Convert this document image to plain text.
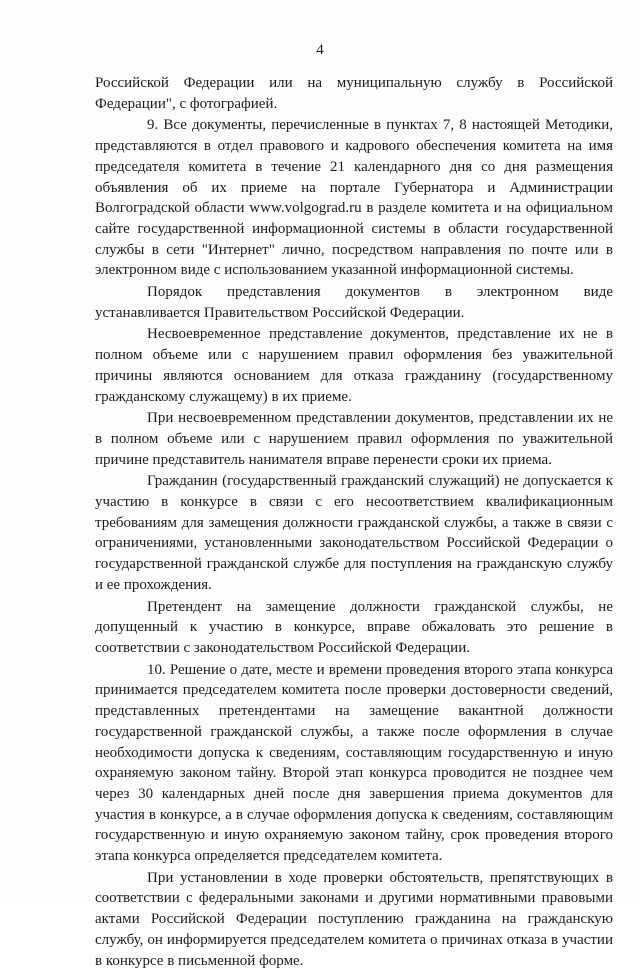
4

Российской Федерации или на муниципальную службу в Российской Федерации", с фотографией.

9. Все документы, перечисленные в пунктах 7, 8 настоящей Методики, представляются в отдел правового и кадрового обеспечения комитета на имя председателя комитета в течение 21 календарного дня со дня размещения объявления об их приеме на портале Губернатора и Администрации Волгоградской области www.volgograd.ru в разделе комитета и на официальном сайте государственной информационной системы в области государственной службы в сети "Интернет" лично, посредством направления по почте или в электронном виде с использованием указанной информационной системы.

Порядок представления документов в электронном виде устанавливается Правительством Российской Федерации.

Несвоевременное представление документов, представление их не в полном объеме или с нарушением правил оформления без уважительной причины являются основанием для отказа гражданину (государственному гражданскому служащему) в их приеме.

При несвоевременном представлении документов, представлении их не в полном объеме или с нарушением правил оформления по уважительной причине представитель нанимателя вправе перенести сроки их приема.

Гражданин (государственный гражданский служащий) не допускается к участию в конкурсе в связи с его несоответствием квалификационным требованиям для замещения должности гражданской службы, а также в связи с ограничениями, установленными законодательством Российской Федерации о государственной гражданской службе для поступления на гражданскую службу и ее прохождения.

Претендент на замещение должности гражданской службы, не допущенный к участию в конкурсе, вправе обжаловать это решение в соответствии с законодательством Российской Федерации.

10. Решение о дате, месте и времени проведения второго этапа конкурса принимается председателем комитета после проверки достоверности сведений, представленных претендентами на замещение вакантной должности государственной гражданской службы, а также после оформления в случае необходимости допуска к сведениям, составляющим государственную и иную охраняемую законом тайну. Второй этап конкурса проводится не позднее чем через 30 календарных дней после дня завершения приема документов для участия в конкурсе, а в случае оформления допуска к сведениям, составляющим государственную и иную охраняемую законом тайну, срок проведения второго этапа конкурса определяется председателем комитета.

При установлении в ходе проверки обстоятельств, препятствующих в соответствии с федеральными законами и другими нормативными правовыми актами Российской Федерации поступлению гражданина на гражданскую службу, он информируется председателем комитета о причинах отказа в участии в конкурсе в письменной форме.
